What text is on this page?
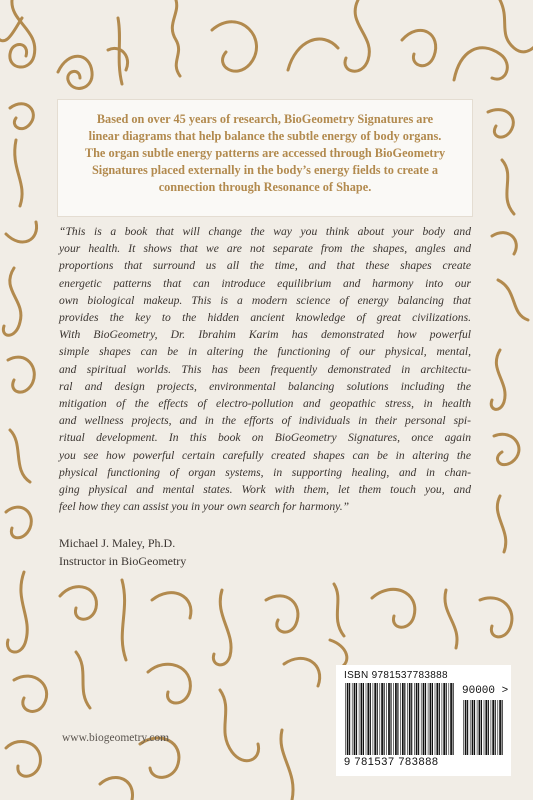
Based on over 45 years of research, BioGeometry Signatures are
linear diagrams that help balance the subtle energy of body organs.
The organ subtle energy patterns are accessed through BioGeometry
Signatures placed externally in the body’s energy fields to create a
connection through Resonance of Shape.
“This is a book that will change the way you think about your body and
your health. It shows that we are not separate from the shapes, angles and
proportions that surround us all the time, and that these shapes create
energetic patterns that can introduce equilibrium and harmony into our
own biological makeup. This is a modern science of energy balancing that
provides the key to the hidden ancient knowledge of great civilizations.
With BioGeometry, Dr. Ibrahim Karim has demonstrated how powerful
simple shapes can be in altering the functioning of our physical, mental,
and spiritual worlds. This has been frequently demonstrated in architectu-
ral and design projects, environmental balancing solutions including the
mitigation of the effects of electro-pollution and geopathic stress, in health
and wellness projects, and in the efforts of individuals in their personal spi-
ritual development. In this book on BioGeometry Signatures, once again
you see how powerful certain carefully created shapes can be in altering the
physical functioning of organ systems, in supporting healing, and in chan-
ging physical and mental states. Work with them, let them touch you, and
feel how they can assist you in your own search for harmony.”
Michael J. Maley, Ph.D.
Instructor in BioGeometry
www.biogeometry.com
ISBN 9781537783888
90000 >
9 781537 783888
